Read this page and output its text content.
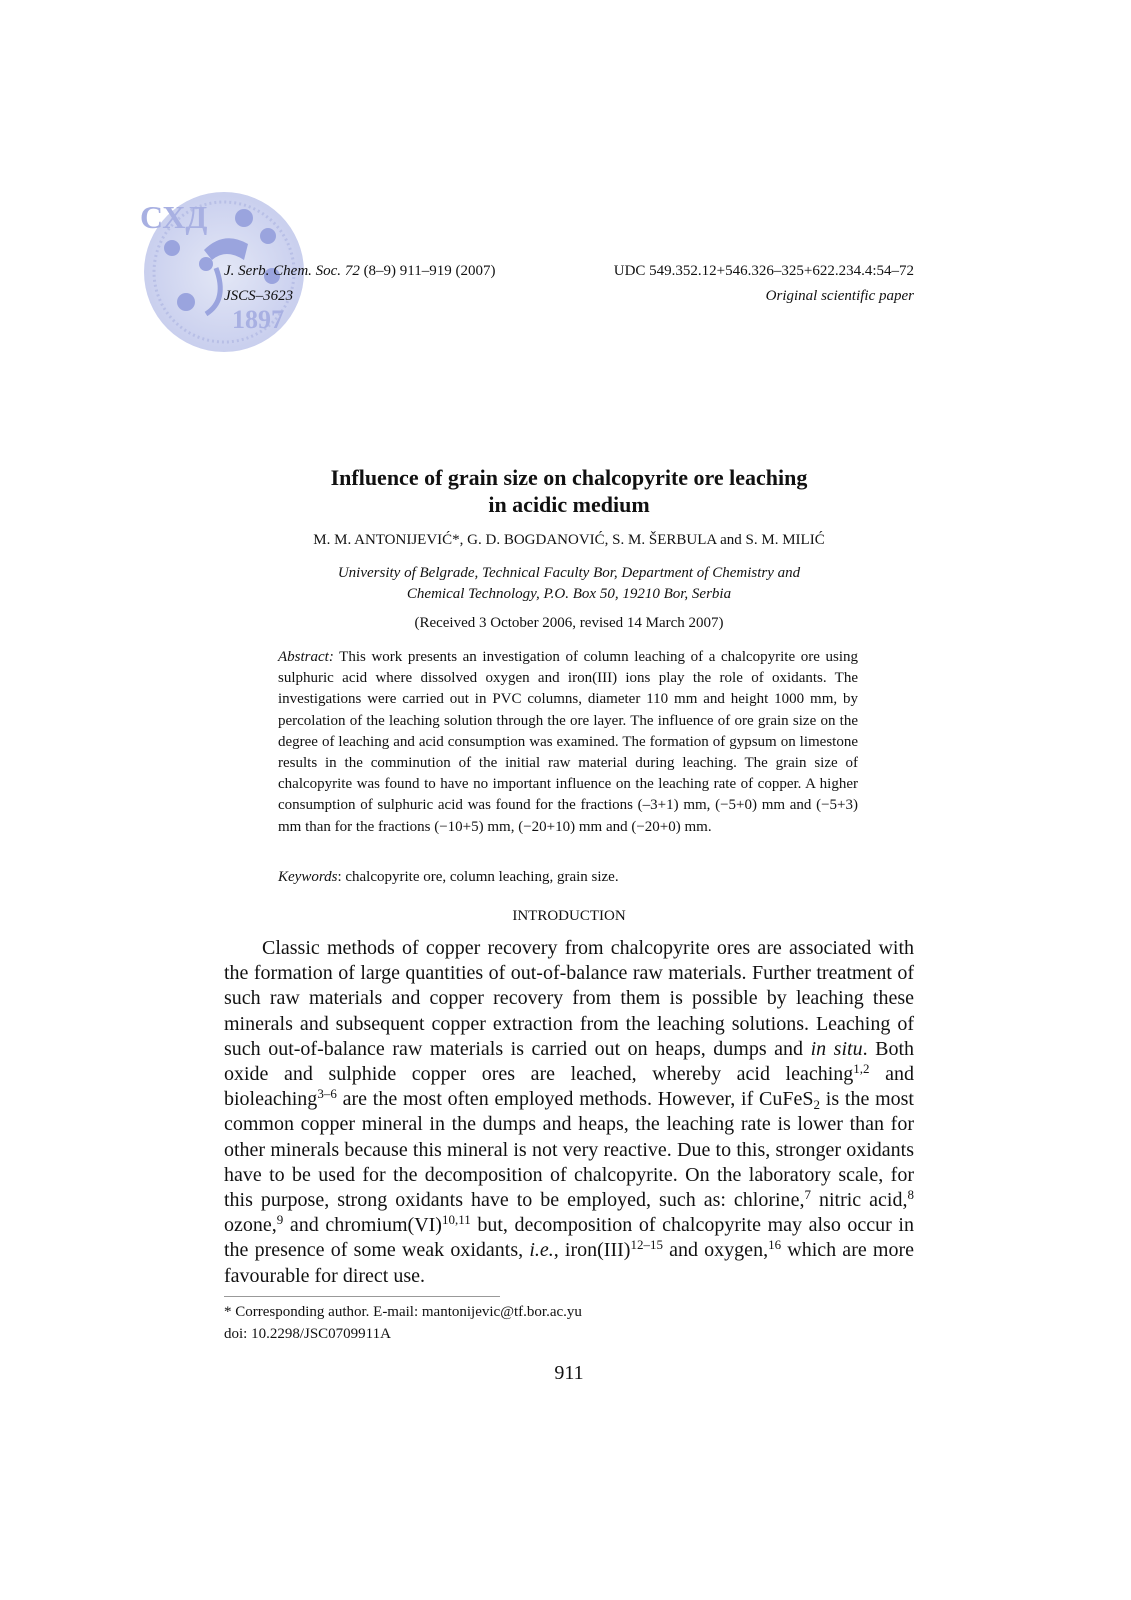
СХД
1897
J. Serb. Chem. Soc. 72 (8–9) 911–919 (2007)	UDC 549.352.12+546.326–325+622.234.4:54–72
JSCS–3623	Original scientific paper
Influence of grain size on chalcopyrite ore leaching
in acidic medium
M. M. ANTONIJEVIĆ*, G. D. BOGDANOVIĆ, S. M. ŠERBULA and S. M. MILIĆ
University of Belgrade, Technical Faculty Bor, Department of Chemistry and
Chemical Technology, P.O. Box 50, 19210 Bor, Serbia
(Received 3 October 2006, revised 14 March 2007)

Abstract: This work presents an investigation of column leaching of a chalcopyrite ore using sulphuric acid where dissolved oxygen and iron(III) ions play the role of oxidants. The investigations were carried out in PVC columns, diameter 110 mm and height 1000 mm, by percolation of the leaching solution through the ore layer. The influence of ore grain size on the degree of leaching and acid consumption was examined. The formation of gypsum on limestone results in the comminution of the initial raw material during leaching. The grain size of chalcopyrite was found to have no important influence on the leaching rate of copper. A higher consumption of sulphuric acid was found for the fractions (–3+1) mm, (−5+0) mm and (−5+3) mm than for the fractions (−10+5) mm, (−20+10) mm and (−20+0) mm.

Keywords: chalcopyrite ore, column leaching, grain size.

INTRODUCTION

Classic methods of copper recovery from chalcopyrite ores are associated with the formation of large quantities of out-of-balance raw materials. Further treatment of such raw materials and copper recovery from them is possible by leaching these minerals and subsequent copper extraction from the leaching solutions. Leaching of such out-of-balance raw materials is carried out on heaps, dumps and in situ. Both oxide and sulphide copper ores are leached, whereby acid leaching$^{1,2}$ and bioleaching$^{3-6}$ are the most often employed methods. However, if CuFeS$_2$ is the most common copper mineral in the dumps and heaps, the leaching rate is lower than for other minerals because this mineral is not very reactive. Due to this, stronger oxidants have to be used for the decomposition of chalcopyrite. On the laboratory scale, for this purpose, strong oxidants have to be employed, such as: chlorine,$^7$ nitric acid,$^8$ ozone,$^9$ and chromium(VI)$^{10,11}$ but, decomposition of chalcopyrite may also occur in the presence of some weak oxidants, i.e., iron(III)$^{12-15}$ and oxygen,$^{16}$ which are more favourable for direct use.

* Corresponding author. E-mail: mantonijevic@tf.bor.ac.yu
doi: 10.2298/JSC0709911A
911
